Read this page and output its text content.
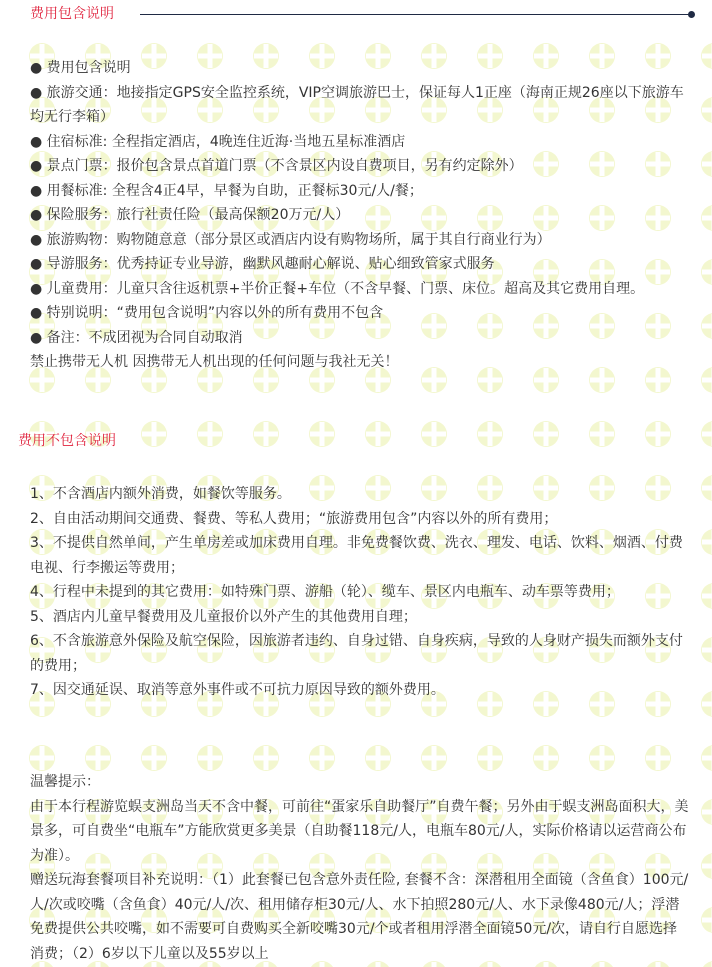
费用包含说明

● 费用包含说明

● 旅游交通：地接指定GPS安全监控系统，VIP空调旅游巴士，保证每人1正座（海南正规26座以下旅游车均无行李箱）

● 住宿标准: 全程指定酒店，4晚连住近海·当地五星标准酒店

● 景点门票：报价包含景点首道门票（不含景区内设自费项目，另有约定除外）

● 用餐标准: 全程含4正4早，早餐为自助，正餐标30元/人/餐；

● 保险服务：旅行社责任险（最高保额20万元/人）

● 旅游购物：购物随意意（部分景区或酒店内设有购物场所，属于其自行商业行为）

● 导游服务：优秀持证专业导游，幽默风趣耐心解说、贴心细致管家式服务

● 儿童费用：儿童只含往返机票+半价正餐+车位（不含早餐、门票、床位。超高及其它费用自理。

● 特别说明：“费用包含说明”内容以外的所有费用不包含

● 备注：不成团视为合同自动取消

禁止携带无人机 因携带无人机出现的任何问题与我社无关！

费用不包含说明

1、不含酒店内额外消费，如餐饮等服务。

2、自由活动期间交通费、餐费、等私人费用；“旅游费用包含”内容以外的所有费用；

3、不提供自然单间，产生单房差或加床费用自理。非免费餐饮费、洗衣、理发、电话、饮料、烟酒、付费电视、行李搬运等费用；

4、行程中未提到的其它费用：如特殊门票、游船（轮）、缆车、景区内电瓶车、动车票等费用；

5、酒店内儿童早餐费用及儿童报价以外产生的其他费用自理；

6、不含旅游意外保险及航空保险，因旅游者违约、自身过错、自身疾病，导致的人身财产损失而额外支付的费用；

7、因交通延误、取消等意外事件或不可抗力原因导致的额外费用。

温馨提示：

由于本行程游览蜈支洲岛当天不含中餐，可前往“蛋家乐自助餐厅”自费午餐；另外由于蜈支洲岛面积大，美景多，可自费坐“电瓶车”方能欣赏更多美景（自助餐118元/人，电瓶车80元/人，实际价格请以运营商公布为准）。

赠送玩海套餐项目补充说明：（1）此套餐已包含意外责任险, 套餐不含：深潜租用全面镜（含鱼食）100元/人/次或咬嘴（含鱼食）40元/人/次、租用储存柜30元/人、水下拍照280元/人、水下录像480元/人；浮潜免费提供公共咬嘴，如不需要可自费购买全新咬嘴30元/个或者租用浮潜全面镜50元/次，请自行自愿选择消费；（2）6岁以下儿童以及55岁以上
